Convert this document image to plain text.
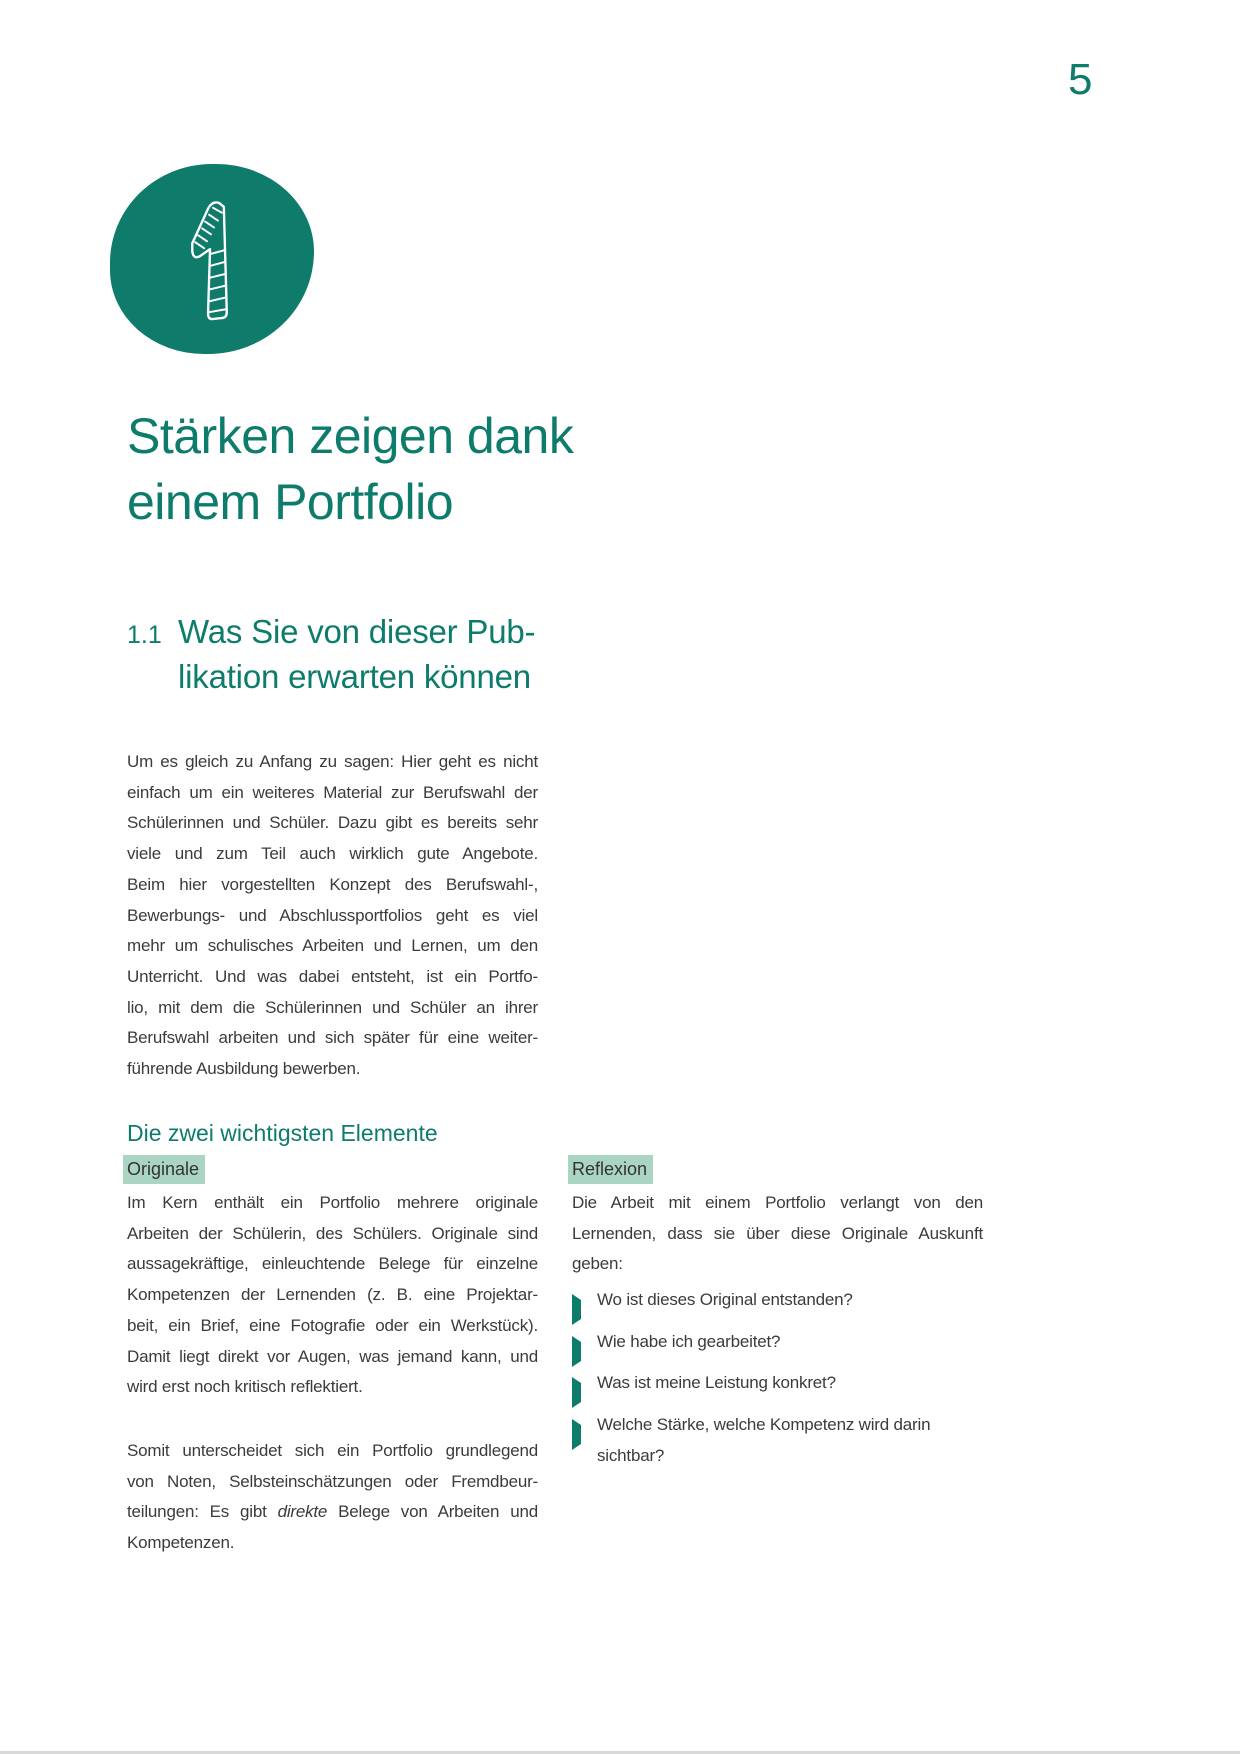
5
Stärken zeigen dank
einem Portfolio
1.1 Was Sie von dieser Pub-
likation erwarten können
Um es gleich zu Anfang zu sagen: Hier geht es nicht
einfach um ein weiteres Material zur Berufswahl der
Schülerinnen und Schüler. Dazu gibt es bereits sehr
viele und zum Teil auch wirklich gute Angebote.
Beim hier vorgestellten Konzept des Berufswahl-,
Bewerbungs- und Abschlussportfolios geht es viel
mehr um schulisches Arbeiten und Lernen, um den
Unterricht. Und was dabei entsteht, ist ein Portfo-
lio, mit dem die Schülerinnen und Schüler an ihrer
Berufswahl arbeiten und sich später für eine weiter-
führende Ausbildung bewerben.
Die zwei wichtigsten Elemente
Originale
Im Kern enthält ein Portfolio mehrere originale
Arbeiten der Schülerin, des Schülers. Originale sind
aussagekräftige, einleuchtende Belege für einzelne
Kompetenzen der Lernenden (z. B. eine Projektar-
beit, ein Brief, eine Fotografie oder ein Werkstück).
Damit liegt direkt vor Augen, was jemand kann, und
wird erst noch kritisch reflektiert.
Somit unterscheidet sich ein Portfolio grundlegend
von Noten, Selbsteinschätzungen oder Fremdbeur-
teilungen: Es gibt direkte Belege von Arbeiten und
Kompetenzen.
Reflexion
Die Arbeit mit einem Portfolio verlangt von den
Lernenden, dass sie über diese Originale Auskunft
geben:
Wo ist dieses Original entstanden?
Wie habe ich gearbeitet?
Was ist meine Leistung konkret?
Welche Stärke, welche Kompetenz wird darin sichtbar?
